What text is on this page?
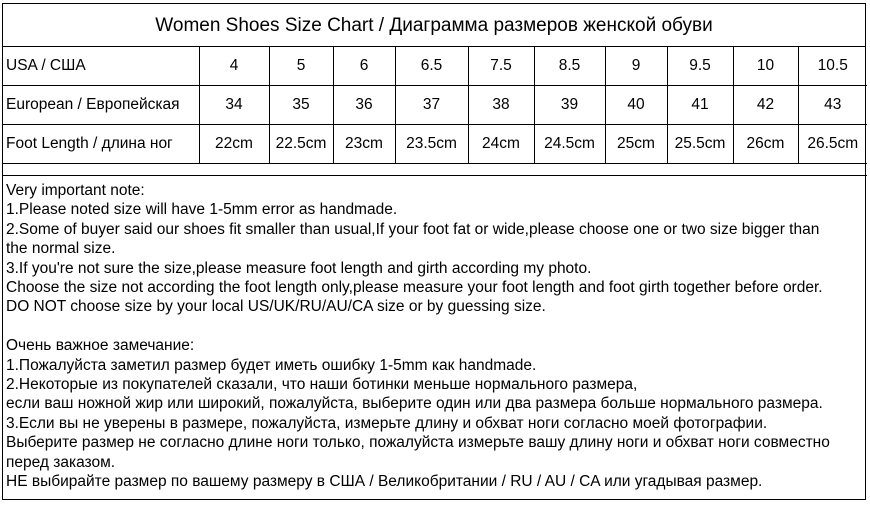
Women Shoes Size Chart / Диаграмма размеров женской обуви
USA / США	4	5	6	6.5	7.5	8.5	9	9.5	10	10.5
European / Европейская	34	35	36	37	38	39	40	41	42	43
Foot Length / длина ног	22cm	22.5cm	23cm	23.5cm	24cm	24.5cm	25cm	25.5cm	26cm	26.5cm
Very important note:
1.Please noted size will have 1-5mm error as handmade.
2.Some of buyer said our shoes fit smaller than usual,If your foot fat or wide,please choose one or two size bigger than
the normal size.
3.If you're not sure the size,please measure foot length and girth according my photo.
Choose the size not according the foot length only,please measure your foot length and foot girth together before order.
DO NOT choose size by your local US/UK/RU/AU/CA size or by guessing size.
Очень важное замечание:
1.Пожалуйста заметил размер будет иметь ошибку 1-5mm как handmade.
2.Некоторые из покупателей сказали, что наши ботинки меньше нормального размера,
если ваш ножной жир или широкий, пожалуйста, выберите один или два размера больше нормального размера.
3.Если вы не уверены в размере, пожалуйста, измерьте длину и обхват ноги согласно моей фотографии.
Выберите размер не согласно длине ноги только, пожалуйста измерьте вашу длину ноги и обхват ноги совместно
перед заказом.
НЕ выбирайте размер по вашему размеру в США / Великобритании / RU / AU / CA или угадывая размер.
